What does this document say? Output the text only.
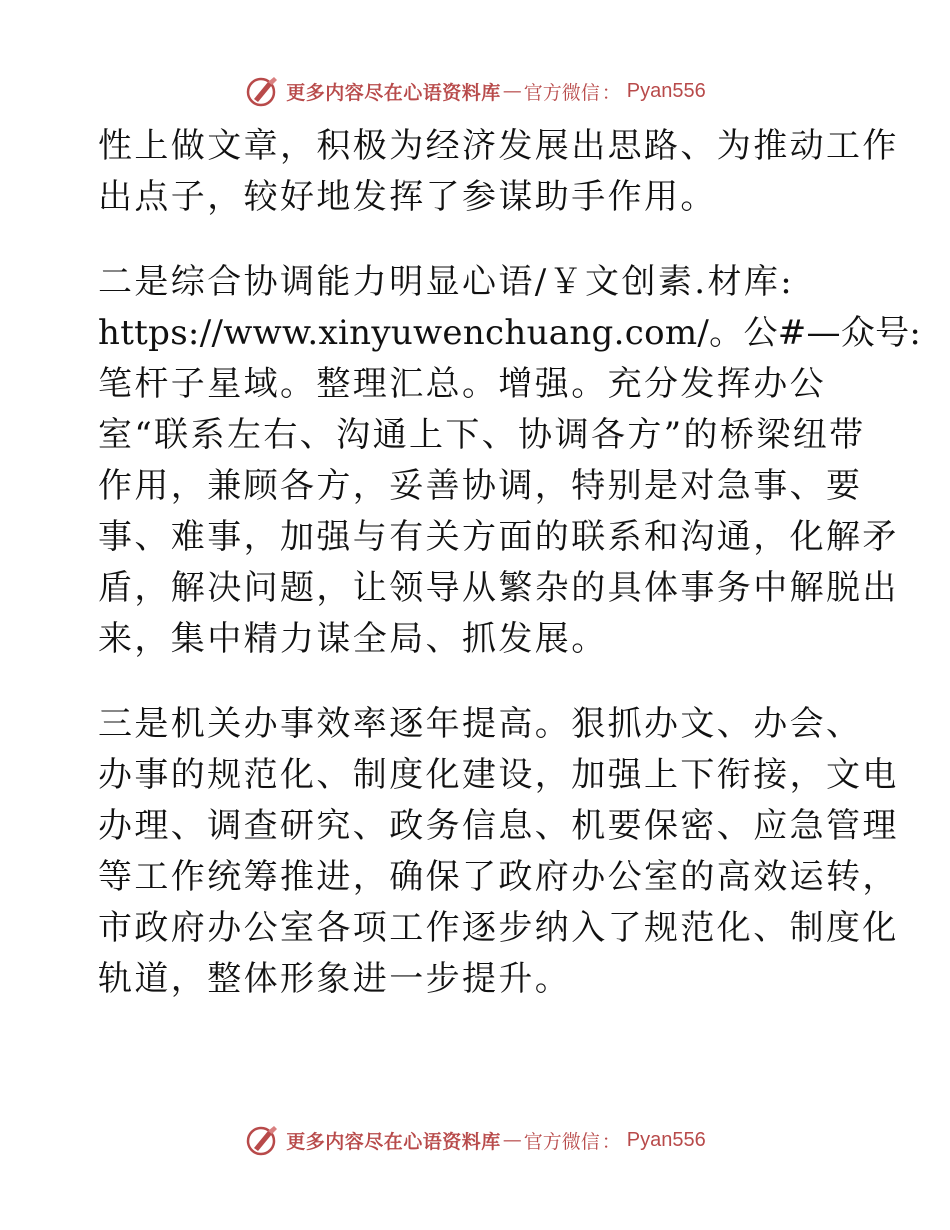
更多内容尽在心语资料库 — 官方微信 ： Pyan556
性上做文章，积极为经济发展出思路、为推动工作
出点子，较好地发挥了参谋助手作用。
二是综合协调能力明显心语/￥文创素.材库:
https://www.xinyuwenchuang.com/。公#—众号:
笔杆子星域。整理汇总。增强。充分发挥办公
室“联系左右、沟通上下、协调各方”的桥梁纽带
作用，兼顾各方，妥善协调，特别是对急事、要
事、难事，加强与有关方面的联系和沟通，化解矛
盾，解决问题，让领导从繁杂的具体事务中解脱出
来，集中精力谋全局、抓发展。
三是机关办事效率逐年提高。狠抓办文、办会、
办事的规范化、制度化建设，加强上下衔接，文电
办理、调查研究、政务信息、机要保密、应急管理
等工作统筹推进，确保了政府办公室的高效运转，
市政府办公室各项工作逐步纳入了规范化、制度化
轨道，整体形象进一步提升。
更多内容尽在心语资料库 — 官方微信 ： Pyan556
